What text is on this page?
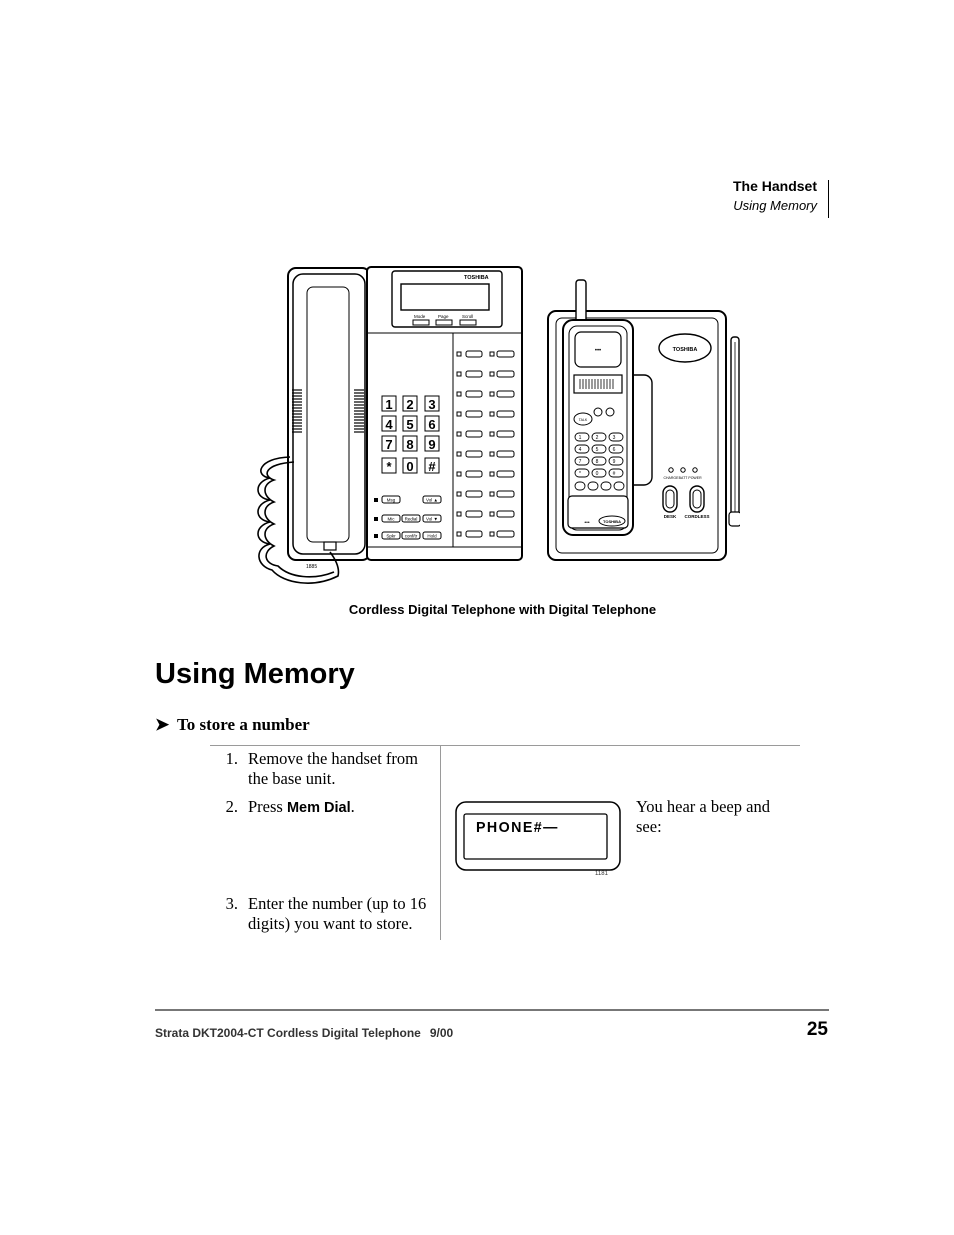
The Handset
Using Memory
1885
TOSHIBA
Mode	Page	Scroll
1 2 3
4 5 6
7 8 9
* 0 #
Msg	Vol ▲
Mic Redial Vol ▼
Spkr conf/tr Hold
TOSHIBA
CHARGE BATT POWER
DESK CORDLESS
•••
TALK
1	2	3
4	5	6
7	8	9
*	0	#
TOSHIBA
•••
Cordless Digital Telephone with Digital Telephone
Using Memory
➤ To store a number
1. Remove the handset from the base unit.
2. Press Mem Dial.
3. Enter the number (up to 16 digits) you want to store.
PHONE#—
1181
You hear a beep and see:
Strata DKT2004-CT Cordless Digital Telephone 9/00	25
